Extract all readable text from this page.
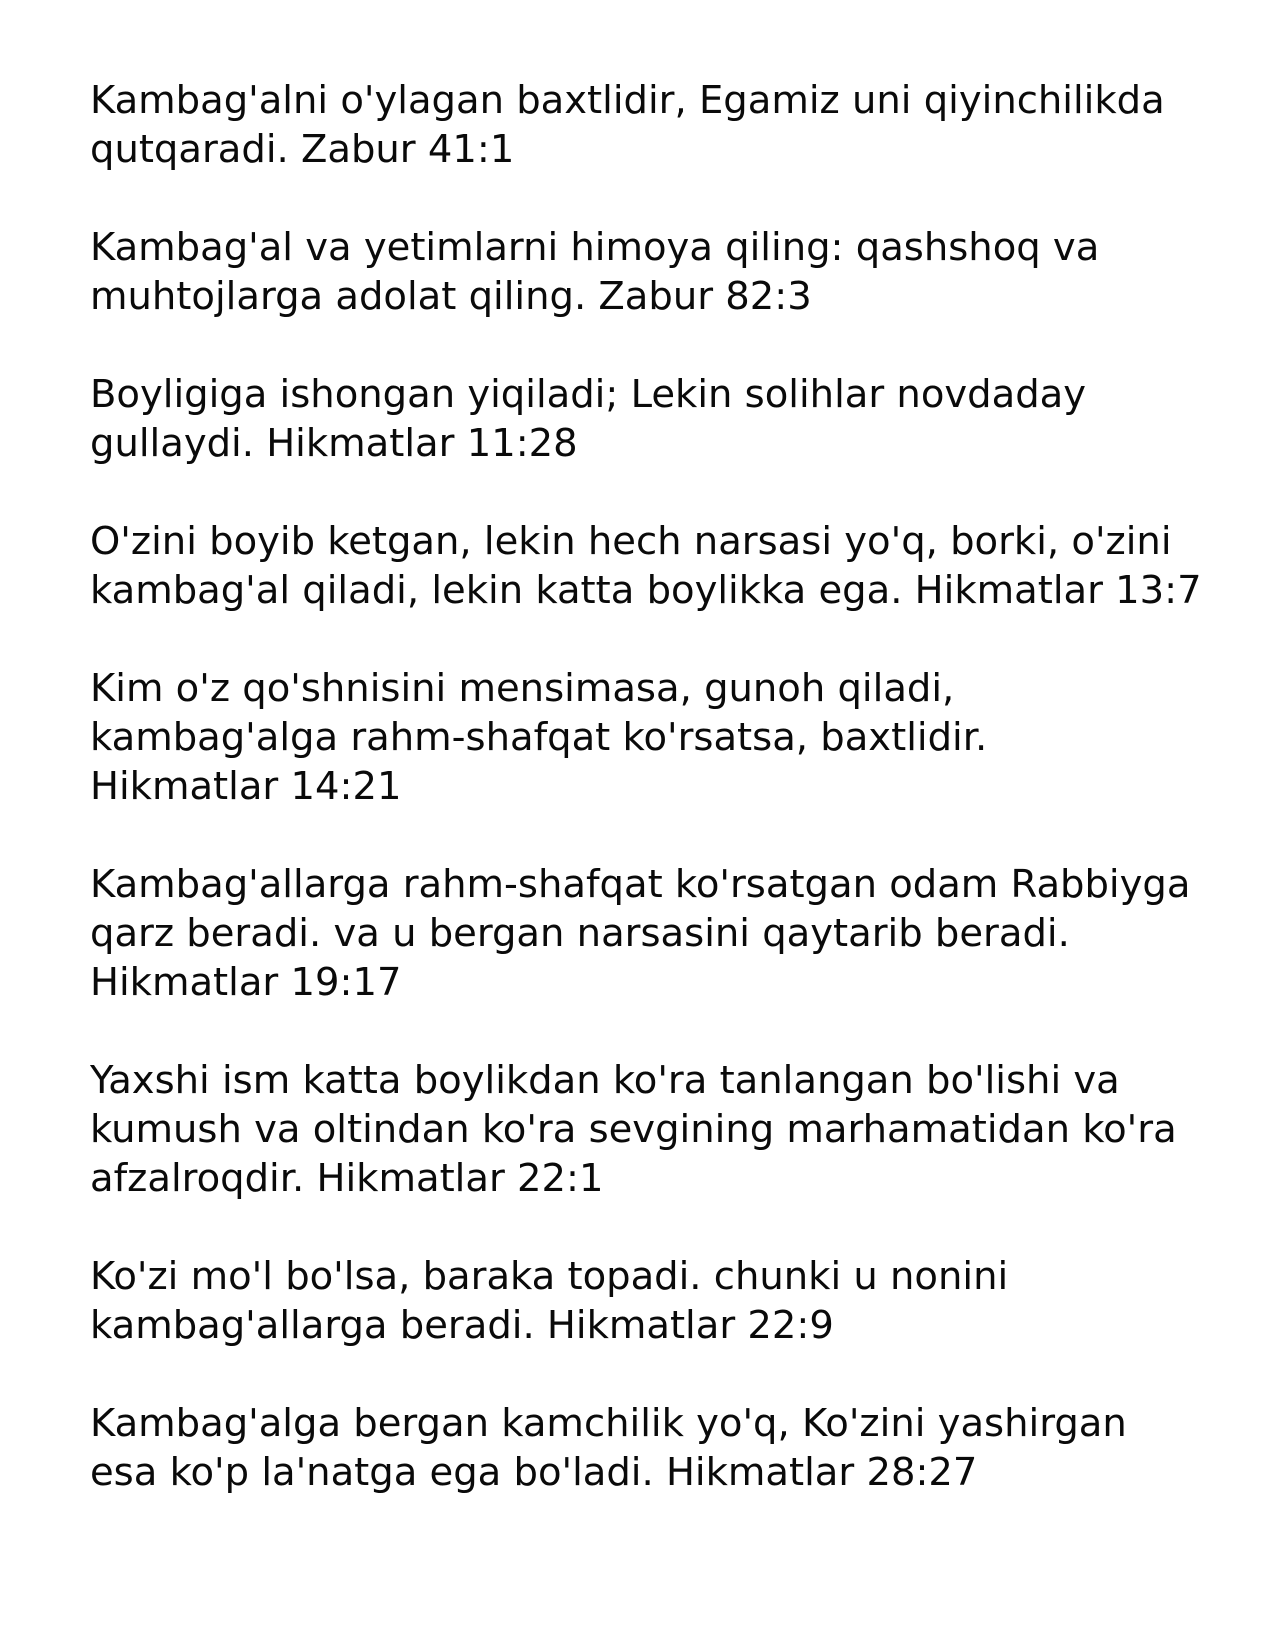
Kambag'alni o'ylagan baxtlidir, Egamiz uni qiyinchilikda
qutqaradi. Zabur 41:1

Kambag'al va yetimlarni himoya qiling: qashshoq va
muhtojlarga adolat qiling. Zabur 82:3

Boyligiga ishongan yiqiladi; Lekin solihlar novdaday
gullaydi. Hikmatlar 11:28

O'zini boyib ketgan, lekin hech narsasi yo'q, borki, o'zini
kambag'al qiladi, lekin katta boylikka ega. Hikmatlar 13:7

Kim o'z qo'shnisini mensimasa, gunoh qiladi,
kambag'alga rahm-shafqat ko'rsatsa, baxtlidir.
Hikmatlar 14:21

Kambag'allarga rahm-shafqat ko'rsatgan odam Rabbiyga
qarz beradi. va u bergan narsasini qaytarib beradi.
Hikmatlar 19:17

Yaxshi ism katta boylikdan ko'ra tanlangan bo'lishi va
kumush va oltindan ko'ra sevgining marhamatidan ko'ra
afzalroqdir. Hikmatlar 22:1

Ko'zi mo'l bo'lsa, baraka topadi. chunki u nonini
kambag'allarga beradi. Hikmatlar 22:9

Kambag'alga bergan kamchilik yo'q, Ko'zini yashirgan
esa ko'p la'natga ega bo'ladi. Hikmatlar 28:27
